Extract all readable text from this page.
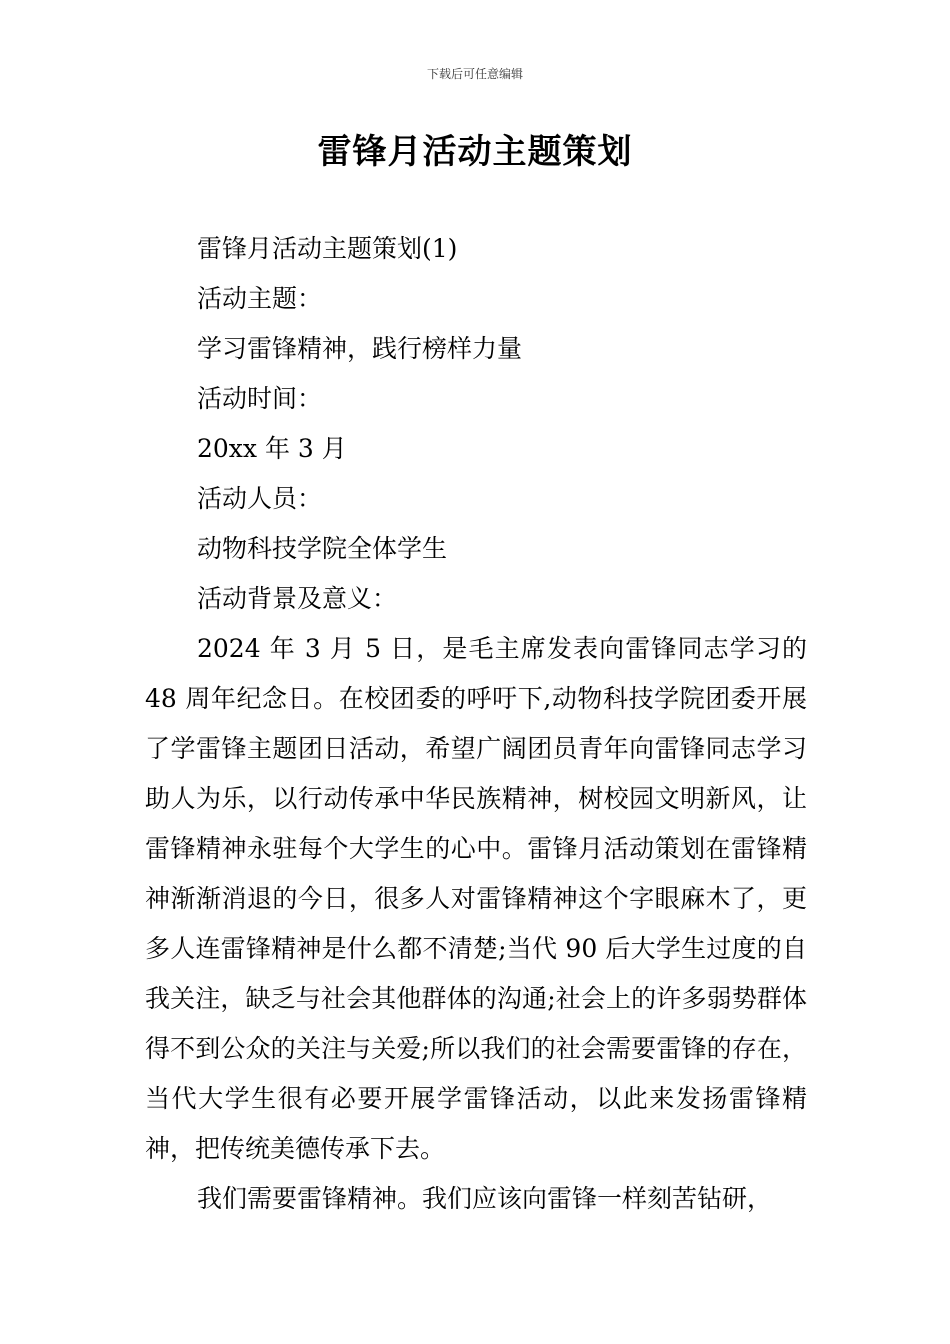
下载后可任意编辑
雷锋月活动主题策划
雷锋月活动主题策划(1)
活动主题：
学习雷锋精神，践行榜样力量
活动时间：
20xx 年 3 月
活动人员：
动物科技学院全体学生
活动背景及意义：

2024 年 3 月 5 日，是毛主席发表向雷锋同志学习的 48 周年纪念日。在校团委的呼吁下,动物科技学院团委开展了学雷锋主题团日活动，希望广阔团员青年向雷锋同志学习助人为乐，以行动传承中华民族精神，树校园文明新风，让雷锋精神永驻每个大学生的心中。雷锋月活动策划在雷锋精神渐渐消退的今日，很多人对雷锋精神这个字眼麻木了，更多人连雷锋精神是什么都不清楚;当代 90 后大学生过度的自我关注，缺乏与社会其他群体的沟通;社会上的许多弱势群体得不到公众的关注与关爱;所以我们的社会需要雷锋的存在，当代大学生很有必要开展学雷锋活动，以此来发扬雷锋精神，把传统美德传承下去。

我们需要雷锋精神。我们应该向雷锋一样刻苦钻研，
